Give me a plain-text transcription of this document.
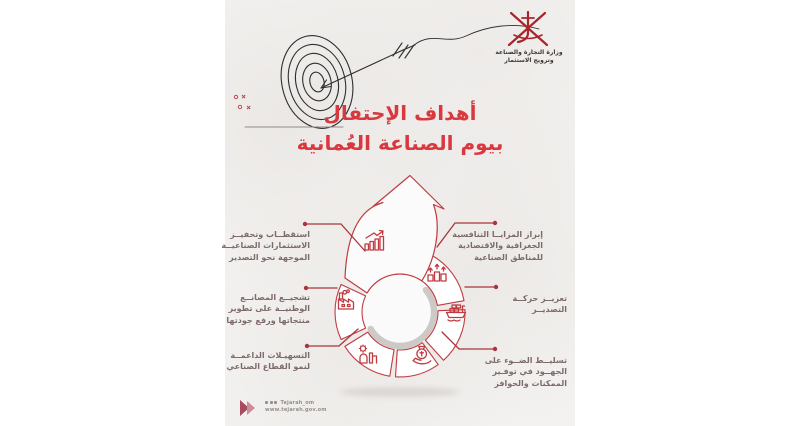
أهداف الإحتفال
بيوم الصناعة العُمانية
وزارة التجارة والصناعة
وترويج الاستثمار
استقطــاب وتحفيــز
الاستثمارات الصناعيــة
الموجهة نحو التصدير
تشجيــع المصانــع
الوطنيــة على تطوير
منتجاتها ورفع جودتها
التسهيـلات الداعمــة
لنمو القطاع الصناعي
إبراز المزايــا التنافسية
الجغرافية والاقتصادية
للمناطق الصناعية
تعزيــز حركــة
التصديــر
تسليــط الضــوء على
الجهــود في توفـير
الممكنات والحوافز
Tejarah_om
www.tejarah.gov.om
